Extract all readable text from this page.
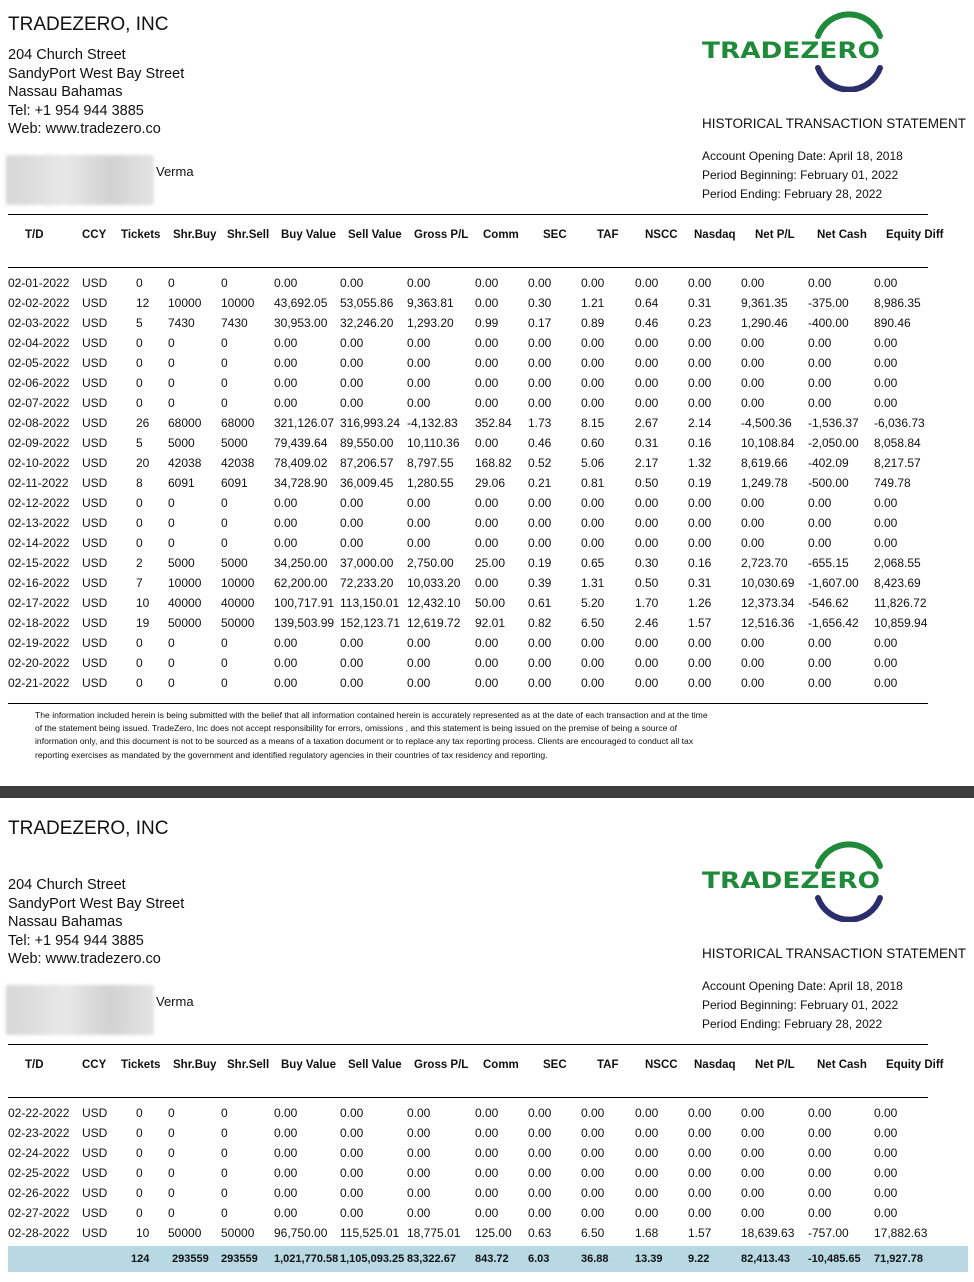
TRADEZERO, INC
204 Church Street
SandyPort West Bay Street
Nassau Bahamas
Tel: +1 954 944 3885
Web: www.tradezero.co
Verma
TRADEZERO
HISTORICAL TRANSACTION STATEMENT
Account Opening Date: April 18, 2018
Period Beginning: February 01, 2022
Period Ending: February 28, 2022
T/D	CCY Tickets Shr.Buy Shr.Sell Buy Value Sell Value Gross P/L Comm SEC	TAF NSCC Nasdaq Net P/L Net Cash Equity Diff
02-01-2022 USD 0 0	0	0.00	0.00	0.00	0.00 0.00 0.00	0.00 0.00 0.00	0.00	0.00
02-02-2022 USD 12 10000 10000 43,692.05 53,055.86 9,363.81 0.00 0.30 1.21	0.64 0.31 9,361.35 -375.00 8,986.35
02-03-2022 USD 5 7430 7430 30,953.00 32,246.20 1,293.20 0.99 0.17 0.89	0.46 0.23 1,290.46 -400.00 890.46
02-04-2022 USD 0 0	0	0.00	0.00	0.00	0.00 0.00 0.00	0.00 0.00 0.00	0.00	0.00
02-05-2022 USD 0 0	0	0.00	0.00	0.00	0.00 0.00 0.00	0.00 0.00 0.00	0.00	0.00
02-06-2022 USD 0 0	0	0.00	0.00	0.00	0.00 0.00 0.00	0.00 0.00 0.00	0.00	0.00
02-07-2022 USD 0 0	0	0.00	0.00	0.00	0.00 0.00 0.00	0.00 0.00 0.00	0.00	0.00
02-08-2022 USD 26 68000 68000 321,126.07 316,993.24 -4,132.83 352.84 1.73 8.15	2.67 2.14 -4,500.36 -1,536.37 -6,036.73
02-09-2022 USD 5 5000 5000 79,439.64 89,550.00 10,110.36 0.00 0.46 0.60	0.31 0.16 10,108.84 -2,050.00 8,058.84
02-10-2022 USD 20 42038 42038 78,409.02 87,206.57 8,797.55 168.82 0.52 5.06	2.17 1.32 8,619.66 -402.09 8,217.57
02-11-2022 USD 8 6091 6091 34,728.90 36,009.45 1,280.55 29.06 0.21 0.81	0.50 0.19 1,249.78 -500.00 749.78
02-12-2022 USD 0 0	0	0.00	0.00	0.00	0.00 0.00 0.00	0.00 0.00 0.00	0.00	0.00
02-13-2022 USD 0 0	0	0.00	0.00	0.00	0.00 0.00 0.00	0.00 0.00 0.00	0.00	0.00
02-14-2022 USD 0 0	0	0.00	0.00	0.00	0.00 0.00 0.00	0.00 0.00 0.00	0.00	0.00
02-15-2022 USD 2 5000 5000 34,250.00 37,000.00 2,750.00 25.00 0.19 0.65	0.30 0.16 2,723.70 -655.15 2,068.55
02-16-2022 USD 7 10000 10000 62,200.00 72,233.20 10,033.20 0.00 0.39 1.31	0.50 0.31 10,030.69 -1,607.00 8,423.69
02-17-2022 USD 10 40000 40000 100,717.91 113,150.01 12,432.10 50.00 0.61 5.20	1.70 1.26 12,373.34 -546.62 11,826.72
02-18-2022 USD 19 50000 50000 139,503.99 152,123.71 12,619.72 92.01 0.82 6.50	2.46 1.57 12,516.36 -1,656.42 10,859.94
02-19-2022 USD 0 0	0	0.00	0.00	0.00	0.00 0.00 0.00	0.00 0.00 0.00	0.00	0.00
02-20-2022 USD 0 0	0	0.00	0.00	0.00	0.00 0.00 0.00	0.00 0.00 0.00	0.00	0.00
02-21-2022 USD 0 0	0	0.00	0.00	0.00	0.00 0.00 0.00	0.00 0.00 0.00	0.00	0.00
The information included herein is being submitted with the belief that all information contained herein is accurately represented as at the date of each transaction and at the time
of the statement being issued. TradeZero, Inc does not accept responsibility for errors, omissions , and this statement is being issued on the premise of being a source of
information only, and this document is not to be sourced as a means of a taxation document or to replace any tax reporting process. Clients are encouraged to conduct all tax
reporting exercises as mandated by the government and identified regulatory agencies in their countries of tax residency and reporting.
TRADEZERO, INC
204 Church Street
SandyPort West Bay Street
Nassau Bahamas
Tel: +1 954 944 3885
Web: www.tradezero.co
Verma
TRADEZERO
HISTORICAL TRANSACTION STATEMENT
Account Opening Date: April 18, 2018
Period Beginning: February 01, 2022
Period Ending: February 28, 2022
T/D	CCY Tickets Shr.Buy Shr.Sell Buy Value Sell Value Gross P/L Comm SEC	TAF NSCC Nasdaq Net P/L Net Cash Equity Diff
02-22-2022 USD 0 0	0	0.00	0.00	0.00	0.00 0.00 0.00	0.00 0.00 0.00	0.00	0.00
02-23-2022 USD 0 0	0	0.00	0.00	0.00	0.00 0.00 0.00	0.00 0.00 0.00	0.00	0.00
02-24-2022 USD 0 0	0	0.00	0.00	0.00	0.00 0.00 0.00	0.00 0.00 0.00	0.00	0.00
02-25-2022 USD 0 0	0	0.00	0.00	0.00	0.00 0.00 0.00	0.00 0.00 0.00	0.00	0.00
02-26-2022 USD 0 0	0	0.00	0.00	0.00	0.00 0.00 0.00	0.00 0.00 0.00	0.00	0.00
02-27-2022 USD 0 0	0	0.00	0.00	0.00	0.00 0.00 0.00	0.00 0.00 0.00	0.00	0.00
02-28-2022 USD 10 50000 50000 96,750.00 115,525.01 18,775.01 125.00 0.63 6.50	1.68 1.57 18,639.63 -757.00 17,882.63
124 293559 293559 1,021,770.58 1,105,093.25 83,322.67 843.72 6.03	36.88 13.39 9.22	82,413.43 -10,485.65 71,927.78
